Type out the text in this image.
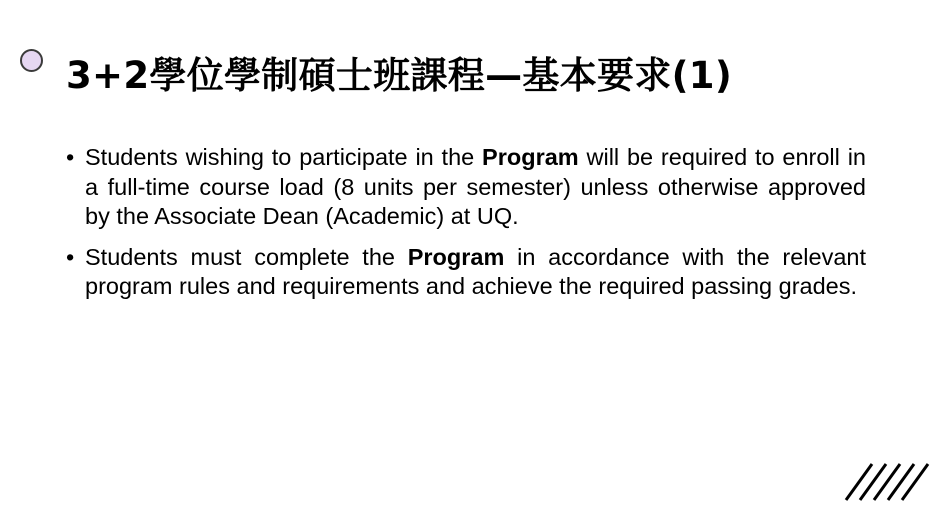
3+2學位學制碩士班課程—基本要求(1)
• Students wishing to participate in the Program will be required to enroll in a full-time course load (8 units per semester) unless otherwise approved by the Associate Dean (Academic) at UQ.
• Students must complete the Program in accordance with the relevant program rules and requirements and achieve the required passing grades.
